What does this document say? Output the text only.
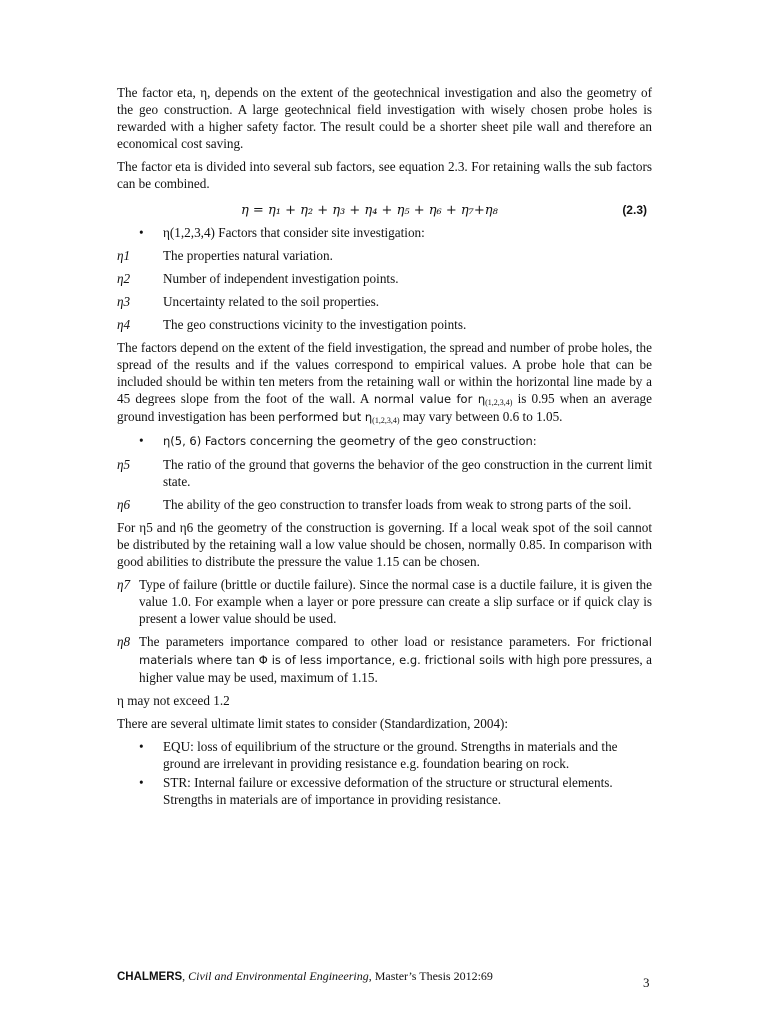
The factor eta, η, depends on the extent of the geotechnical investigation and also the geometry of the geo construction. A large geotechnical field investigation with wisely chosen probe holes is rewarded with a higher safety factor. The result could be a shorter sheet pile wall and therefore an economical cost saving.

The factor eta is divided into several sub factors, see equation 2.3. For retaining walls the sub factors can be combined.

η = η₁ + η₂ + η₃ + η₄ + η₅ + η₆ + η₇+η₈	(2.3)
• η(1,2,3,4) Factors that consider site investigation:
η1	The properties natural variation.
η2	Number of independent investigation points.
η3	Uncertainty related to the soil properties.
η4	The geo constructions vicinity to the investigation points.

The factors depend on the extent of the field investigation, the spread and number of probe holes, the spread of the results and if the values correspond to empirical values. A probe hole that can be included should be within ten meters from the retaining wall or within the horizontal line made by a 45 degrees slope from the foot of the wall. A normal value for $\eta_{(1,2,3,4)}$ is 0.95 when an average ground investigation has been performed but $\eta_{(1,2,3,4)}$ may vary between 0.6 to 1.05.

• η(5, 6) Factors concerning the geometry of the geo construction:
η5	The ratio of the ground that governs the behavior of the geo construction in the current limit state.
η6	The ability of the geo construction to transfer loads from weak to strong parts of the soil.

For η5 and η6 the geometry of the construction is governing. If a local weak spot of the soil cannot be distributed by the retaining wall a low value should be chosen, normally 0.85. In comparison with good abilities to distribute the pressure the value 1.15 can be chosen.

η7 Type of failure (brittle or ductile failure). Since the normal case is a ductile failure, it is given the value 1.0. For example when a layer or pore pressure can create a slip surface or if quick clay is present a lower value should be used.
η8 The parameters importance compared to other load or resistance parameters. For frictional materials where tan Φ is of less importance, e.g. frictional soils with high pore pressures, a higher value may be used, maximum of 1.15.

η may not exceed 1.2

There are several ultimate limit states to consider (Standardization, 2004):

• EQU: loss of equilibrium of the structure or the ground. Strengths in materials and the ground are irrelevant in providing resistance e.g. foundation bearing on rock.
• STR: Internal failure or excessive deformation of the structure or structural elements. Strengths in materials are of importance in providing resistance.
CHALMERS, Civil and Environmental Engineering, Master’s Thesis 2012:69	3
